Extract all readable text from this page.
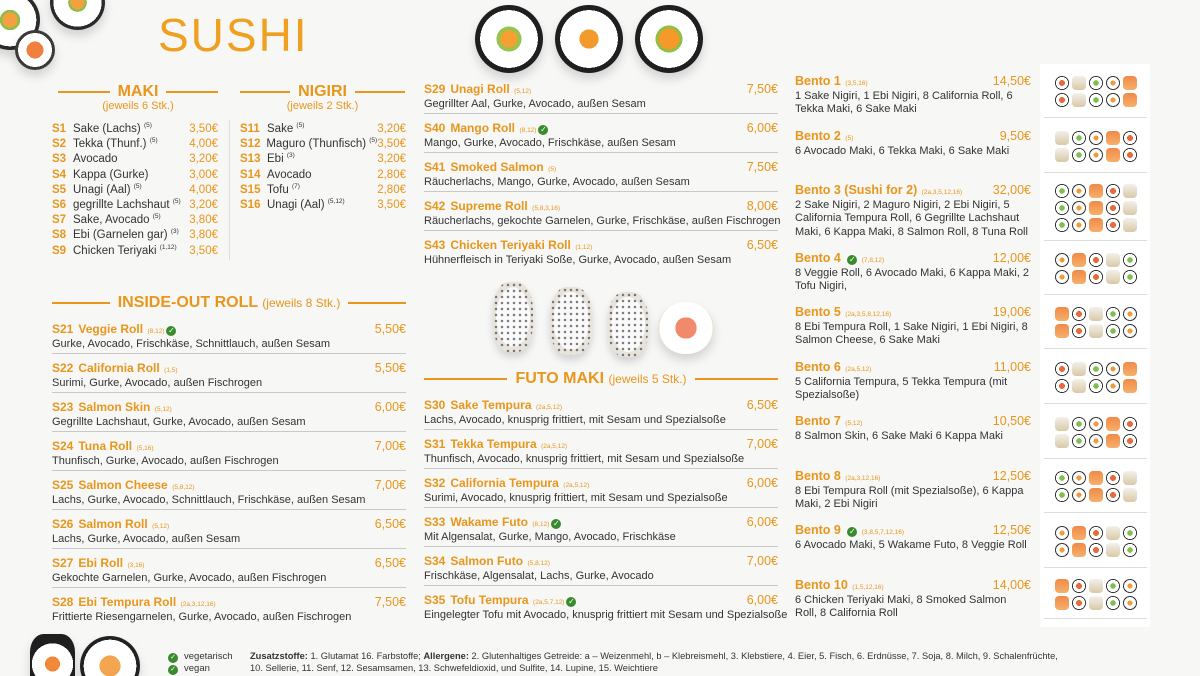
SUSHI
MAKI
(jeweils 6 Stk.)
S1 Sake (Lachs) $^{(5)}$	3,50€
S2 Tekka (Thunf.) $^{(5)}$	4,00€
S3 Avocado	3,20€
S4 Kappa (Gurke)	3,00€
S5 Unagi (Aal) $^{(5)}$	4,00€
S6 gegrillte Lachshaut $^{(5)}$ 3,20€
S7 Sake, Avocado $^{(5)}$	3,80€
S8 Ebi (Garnelen gar) $^{(3)}$ 3,80€
S9 Chicken Teriyaki $^{(1,12)}$	3,50€
NIGIRI
(jeweils 2 Stk.)
S11 Sake $^{(5)}$	3,20€
S12 Maguro (Thunfisch) $^{(5)}$ 3,50€
S13 Ebi $^{(3)}$	3,20€
S14 Avocado	2,80€
S15 Tofu $^{(7)}$	2,80€
S16 Unagi (Aal) $^{(5,12)}$	3,50€
INSIDE-OUT ROLL (jeweils 8 Stk.)
S21 Veggie Roll
(8,12) ✓	5,50€
Gurke, Avocado, Frischkäse, Schnittlauch, außen Sesam
S22 California Roll
(1,5)	5,50€
Surimi, Gurke, Avocado, außen Fischrogen
S23 Salmon Skin
(5,12)	6,00€
Gegrillte Lachshaut, Gurke, Avocado, außen Sesam
S24 Tuna Roll
(5,16)	7,00€
Thunfisch, Gurke, Avocado, außen Fischrogen
S25 Salmon Cheese
(5,8,12)	7,00€
Lachs, Gurke, Avocado, Schnittlauch, Frischkäse, außen Sesam
S26 Salmon Roll
(5,12)	6,50€
Lachs, Gurke, Avocado, außen Sesam
S27 Ebi Roll
(3,16)	6,50€
Gekochte Garnelen, Gurke, Avocado, außen Fischrogen
S28 Ebi Tempura Roll
(2a,3,12,16)	7,50€
Frittierte Riesengarnelen, Gurke, Avocado, außen Fischrogen
S29 Unagi Roll
(5,12)	7,50€
Gegrillter Aal, Gurke, Avocado, außen Sesam
S40 Mango Roll
(8,12) ✓	6,00€
Mango, Gurke, Avocado, Frischkäse, außen Sesam
S41 Smoked Salmon
(5)	7,50€
Räucherlachs, Mango, Gurke, Avocado, außen Sesam
S42 Supreme Roll
(5,8,3,16)	8,00€
Räucherlachs, gekochte Garnelen, Gurke, Frischkäse, außen Fischrogen
S43 Chicken Teriyaki Roll
(1,12)	6,50€
Hühnerfleisch in Teriyaki Soße, Gurke, Avocado, außen Sesam
FUTO MAKI (jeweils 5 Stk.)
S30 Sake Tempura
(2a,5,12)	6,50€
Lachs, Avocado, knusprig frittiert, mit Sesam und Spezialsoße
S31 Tekka Tempura
(2a,5,12)	7,00€
Thunfisch, Avocado, knusprig frittiert, mit Sesam und Spezialsoße
S32 California Tempura
(2a,5,12)	6,00€
Surimi, Avocado, knusprig frittiert, mit Sesam und Spezialsoße
S33 Wakame Futo
(8,12) ✓	6,00€
Mit Algensalat, Gurke, Mango, Avocado, Frischkäse
S34 Salmon Futo
(5,8,12)	7,00€
Frischkäse, Algensalat, Lachs, Gurke, Avocado
S35 Tofu Tempura
(2a,5,7,12) ✓	6,00€
Eingelegter Tofu mit Avocado, knusprig frittiert mit Sesam und Spezialsoße
Bento 1
(3,5,16)	14,50€
1 Sake Nigiri, 1 Ebi Nigiri, 8 California Roll, 6 Tekka Maki, 6 Sake Maki
Bento 2
(5)	9,50€
6 Avocado Maki, 6 Tekka Maki, 6 Sake Maki
Bento 3 (Sushi for 2)
(2a,3,5,12,16) 32,00€
2 Sake Nigiri, 2 Maguro Nigiri, 2 Ebi Nigiri, 5 California Tempura Roll, 6 Gegrillte Lachshaut Maki, 6 Kappa Maki, 8 Salmon Roll, 8 Tuna Roll
Bento 4
✓
(7,8,12)	12,00€
8 Veggie Roll, 6 Avocado Maki, 6 Kappa Maki, 2 Tofu Nigiri,
Bento 5
(2a,3,5,8,12,16)	19,00€
8 Ebi Tempura Roll, 1 Sake Nigiri, 1 Ebi Nigiri, 8 Salmon Cheese, 6 Sake Maki
Bento 6
(2a,5,12)	11,00€
5 California Tempura, 5 Tekka Tempura (mit Spezialsoße)
Bento 7
(5,12)	10,50€
8 Salmon Skin, 6 Sake Maki 6 Kappa Maki
Bento 8
(2a,3,12,16)	12,50€
8 Ebi Tempura Roll (mit Spezialsoße), 6 Kappa Maki, 2 Ebi Nigiri
Bento 9
✓
(3,8,5,7,12,16)	12,50€
6 Avocado Maki, 5 Wakame Futo, 8 Veggie Roll
Bento 10
(1,5,12,16)	14,00€
6 Chicken Teriyaki Maki, 8 Smoked Salmon Roll, 8 California Roll
✓ vegetarisch
✓ vegan
Zusatzstoffe: 1. Glutamat 16. Farbstoffe; Allergene: 2. Glutenhaltiges Getreide: a – Weizenmehl, b – Klebreismehl, 3. Klebstiere, 4. Eier, 5. Fisch, 6. Erdnüsse, 7. Soja, 8. Milch, 9. Schalenfrüchte, 10. Sellerie, 11. Senf, 12. Sesamsamen, 13. Schwefeldioxid, und Sulfite, 14. Lupine, 15. Weichtiere
